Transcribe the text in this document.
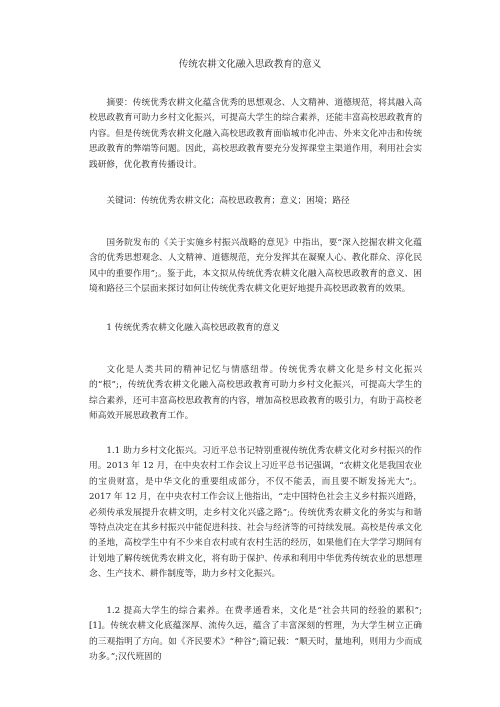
传统农耕文化融入思政教育的意义

摘要：传统优秀农耕文化蕴含优秀的思想观念、人文精神、道德规范，将其融入高校思政教育可助力乡村文化振兴，可提高大学生的综合素养，还能丰富高校思政教育的内容。但是传统优秀农耕文化融入高校思政教育面临城市化冲击、外来文化冲击和传统思政教育的弊端等问题。因此，高校思政教育要充分发挥课堂主渠道作用，利用社会实践研修，优化教育传播设计。

关键词：传统优秀农耕文化；高校思政教育；意义；困境；路径

国务院发布的《关于实施乡村振兴战略的意见》中指出，要“深入挖掘农耕文化蕴含的优秀思想观念、人文精神、道德规范，充分发挥其在凝聚人心、教化群众、淳化民风中的重要作用”;。鉴于此，本文拟从传统优秀农耕文化融入高校思政教育的意义、困境和路径三个层面来探讨如何让传统优秀农耕文化更好地提升高校思政教育的效果。

1 传统优秀农耕文化融入高校思政教育的意义

文化是人类共同的精神记忆与情感纽带。传统优秀农耕文化是乡村文化振兴的“根”;，传统优秀农耕文化融入高校思政教育可助力乡村文化振兴，可提高大学生的综合素养，还可丰富高校思政教育的内容，增加高校思政教育的吸引力，有助于高校老师高效开展思政教育工作。

1.1 助力乡村文化振兴。习近平总书记特别重视传统优秀农耕文化对乡村振兴的作用。2013 年 12 月，在中央农村工作会议上习近平总书记强调，“农耕文化是我国农业的宝贵财富，是中华文化的重要组成部分，不仅不能丢，而且要不断发扬光大”;。2017 年 12 月，在中央农村工作会议上他指出，“走中国特色社会主义乡村振兴道路，必须传承发展提升农耕文明，走乡村文化兴盛之路”;。传统优秀农耕文化的务实与和谐等特点决定在其乡村振兴中能促进科技、社会与经济等的可持续发展。高校是传承文化的圣地，高校学生中有不少来自农村或有农村生活的经历，如果他们在大学学习期间有计划地了解传统优秀农耕文化，将有助于保护、传承和利用中华优秀传统农业的思想理念、生产技术、耕作制度等，助力乡村文化振兴。

1.2 提高大学生的综合素养。在费孝通看来，文化是“社会共同的经验的累积”;[1]。传统农耕文化底蕴深厚、流传久远，蕴含了丰富深刻的哲理，为大学生树立正确的三观指明了方向。如《齐民要术》“种谷”;篇记载：“顺天时，量地利，则用力少而成功多。”;汉代班固的
